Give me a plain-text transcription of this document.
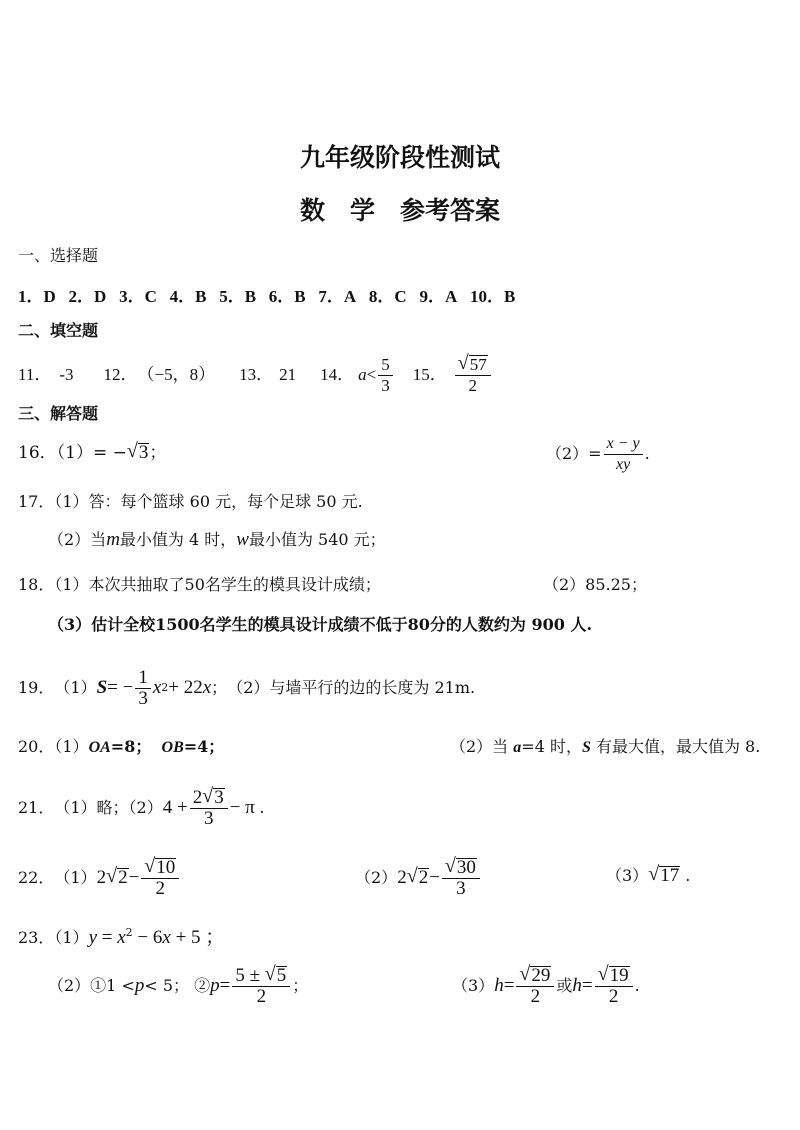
九年级阶段性测试
数　学　参考答案
一、选择题
1．D 2．D 3．C 4．B 5．B 6．B 7．A 8．C 9．A 10．B
二、填空题
11． -3 12． （−5，8） 13． 21 14． $a < \frac{5}{3} 15$． $\frac{√ 57}{2}$
三、解答题
16．（1）= − √ 3；	$(2)= \frac{x - y}{xy}$ .
17．（1）答：每个篮球 60 元，每个足球 50 元.
（2）当m最小值为 4 时，w最小值为 540 元；
18．（1）本次共抽取了50名学生的模具设计成绩；	（2）85.25；
（3）估计全校1500名学生的模具设计成绩不低于80分的人数约为 900 人.
19． （1） S = − $\frac{1}{3}$ x 2 + 22 x ； （2）与墙平行的边的长度为 21m.
20．（1）OA=8； OB=4；	（2）当 a=4 时，S 有最大值，最大值为 8.
21． （1）略；（2） $4 + \frac{2 √ 3}{3} - \pi$ .
22． （1） 2 √ $2 - \frac{√ 10}{2}$	（2） 2 √ $2 - \frac{√ 30}{3}$	（3） √ 17 .
23．$(1)y = x^2 - 6x + 5$ ；
（2）①1 < p < 5； ② $p = \frac{5 \pm √ 5}{2}$ ；	（3） $h = \frac{√ 29}{2}$ 或 $h = \frac{√ 19}{2}$ .
